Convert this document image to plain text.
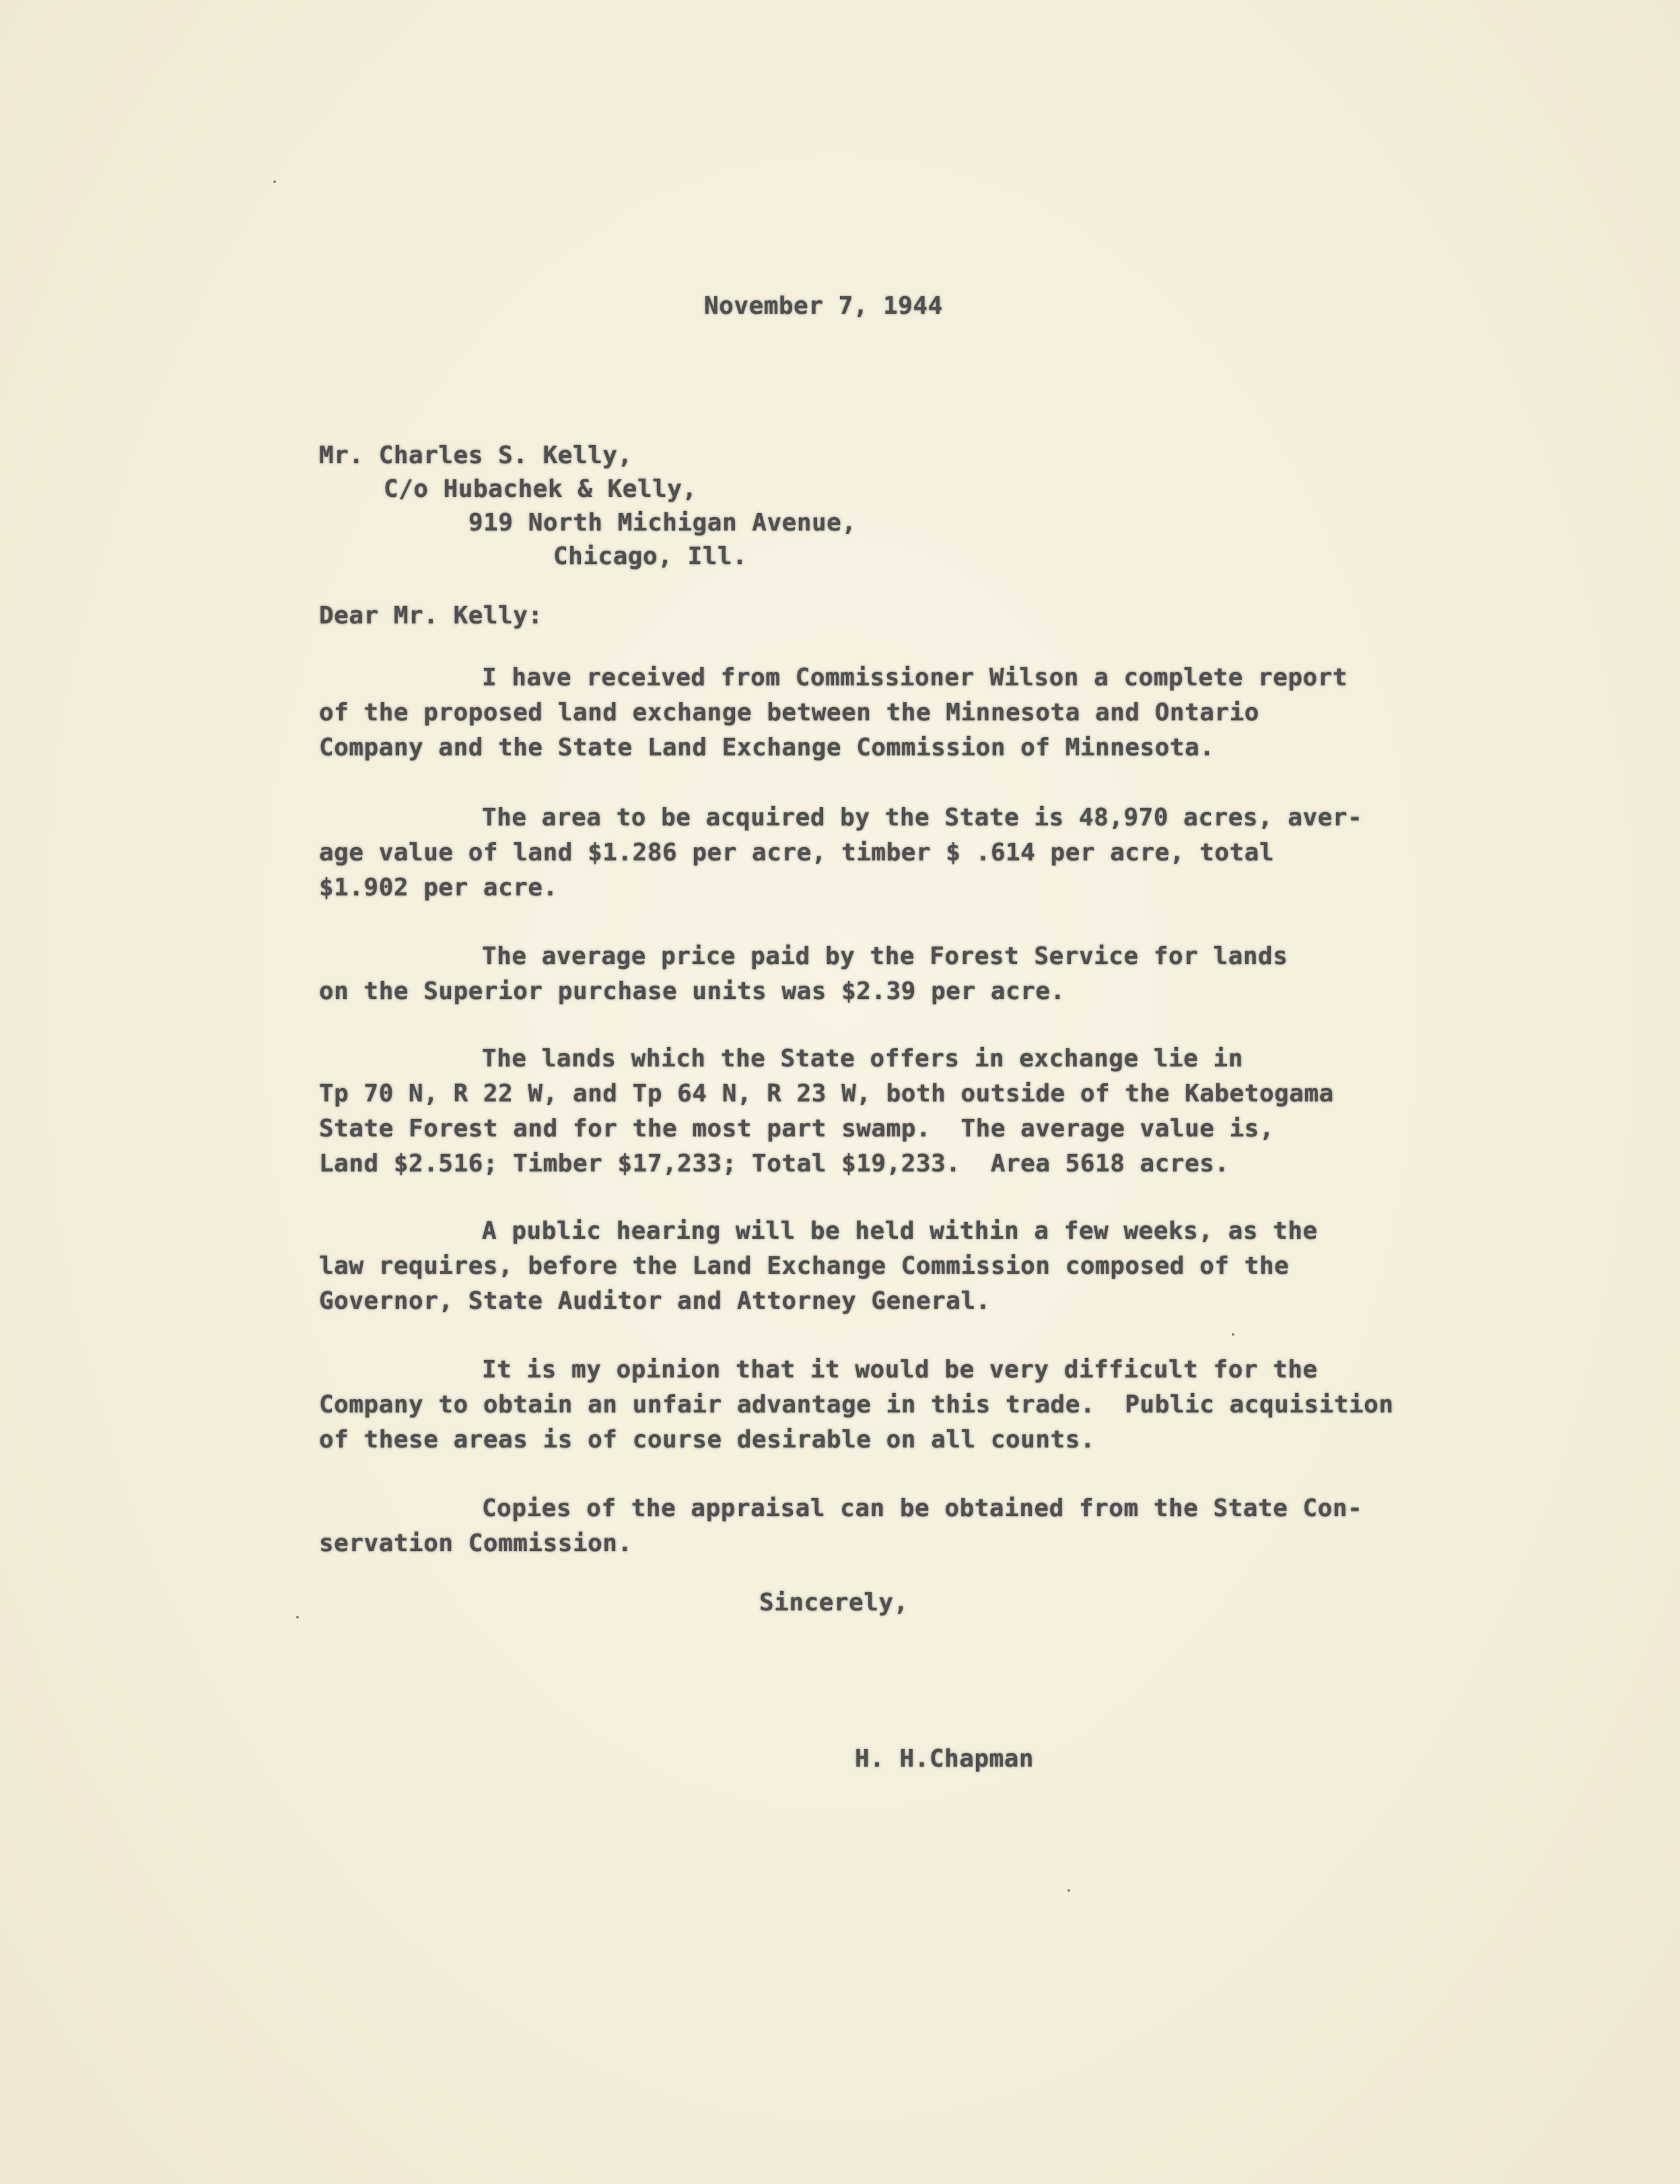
November 7, 1944
Mr. Charles S. Kelly,
C/o Hubachek & Kelly,
919 North Michigan Avenue,
Chicago, Ill.
Dear Mr. Kelly:
I have received from Commissioner Wilson a complete report
of the proposed land exchange between the Minnesota and Ontario
Company and the State Land Exchange Commission of Minnesota.
The area to be acquired by the State is 48,970 acres, aver-
age value of land $1.286 per acre, timber $ .614 per acre, total
$1.902 per acre.
The average price paid by the Forest Service for lands
on the Superior purchase units was $2.39 per acre.
The lands which the State offers in exchange lie in
Tp 70 N, R 22 W, and Tp 64 N, R 23 W, both outside of the Kabetogama
State Forest and for the most part swamp.  The average value is,
Land $2.516; Timber $17,233; Total $19,233.  Area 5618 acres.
A public hearing will be held within a few weeks, as the
law requires, before the Land Exchange Commission composed of the
Governor, State Auditor and Attorney General.
It is my opinion that it would be very difficult for the
Company to obtain an unfair advantage in this trade.  Public acquisition
of these areas is of course desirable on all counts.
Copies of the appraisal can be obtained from the State Con-
servation Commission.
Sincerely,
H. H.Chapman
